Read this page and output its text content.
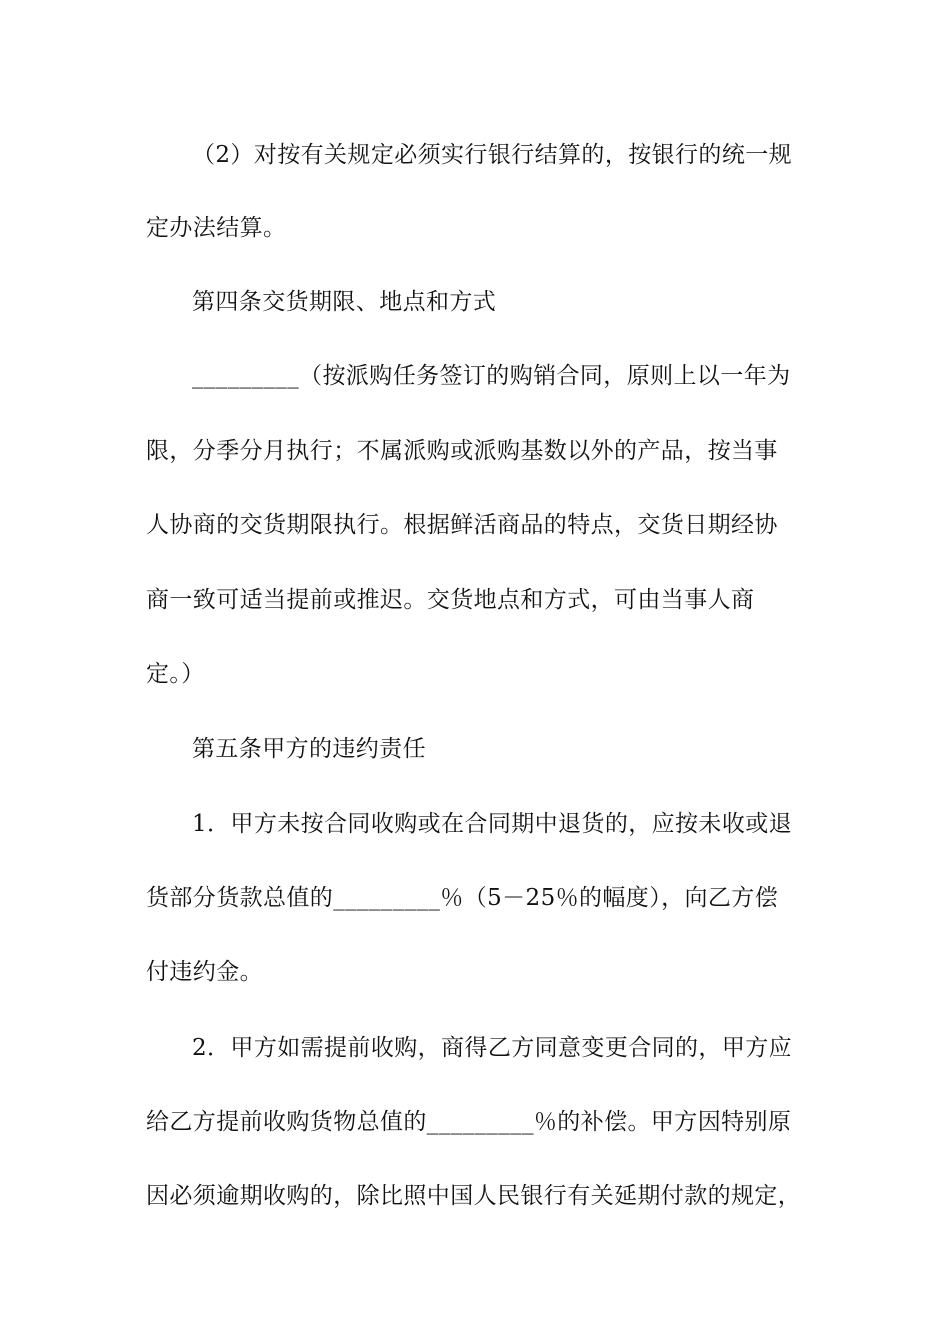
（2）对按有关规定必须实行银行结算的，按银行的统一规
定办法结算。
第四条交货期限、地点和方式
_________（按派购任务签订的购销合同，原则上以一年为
限，分季分月执行；不属派购或派购基数以外的产品，按当事
人协商的交货期限执行。根据鲜活商品的特点，交货日期经协
商一致可适当提前或推迟。交货地点和方式，可由当事人商
定。）
第五条甲方的违约责任
1．甲方未按合同收购或在合同期中退货的，应按未收或退
货部分货款总值的_________％（5－25％的幅度），向乙方偿
付违约金。
2．甲方如需提前收购，商得乙方同意变更合同的，甲方应
给乙方提前收购货物总值的_________％的补偿。甲方因特别原
因必须逾期收购的，除比照中国人民银行有关延期付款的规定，
